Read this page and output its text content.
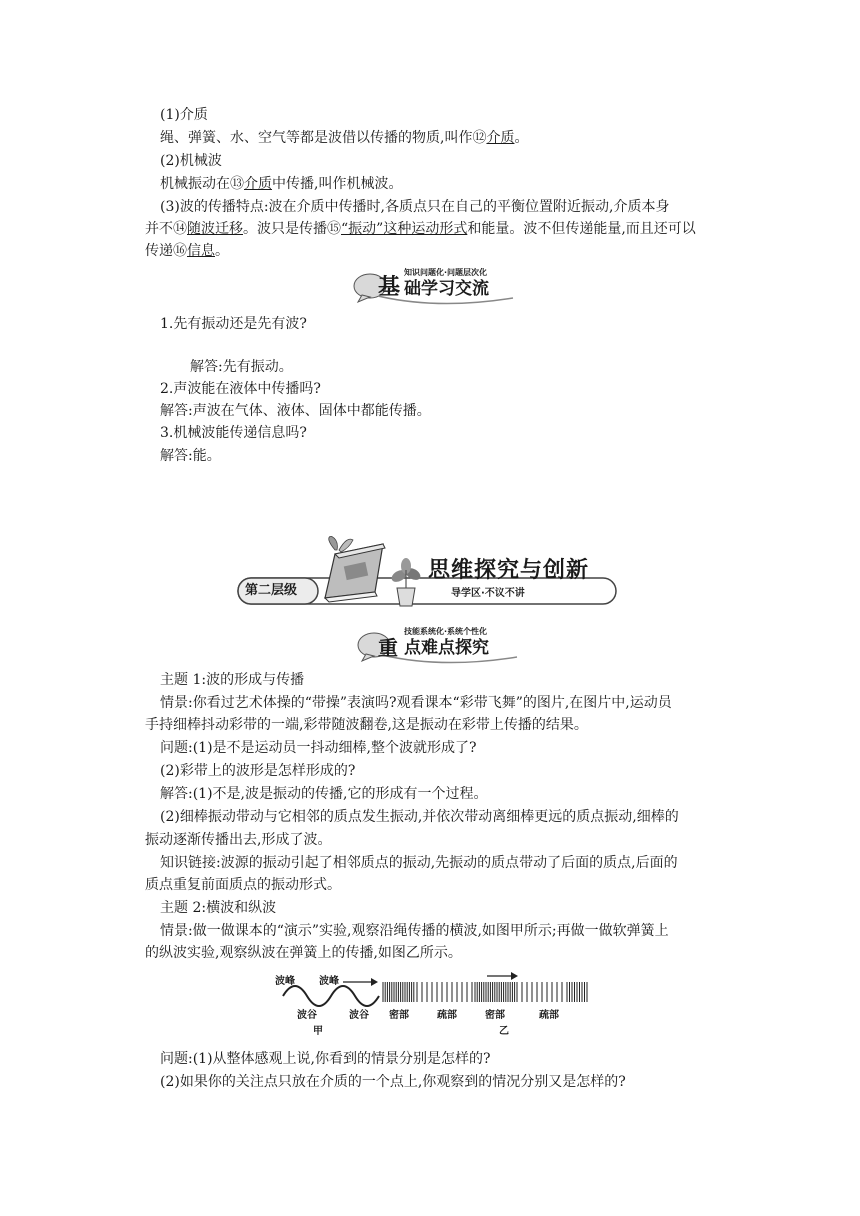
(1)介质
绳、弹簧、水、空气等都是波借以传播的物质,叫作⑫介质。
(2)机械波
机械振动在⑬介质中传播,叫作机械波。
(3)波的传播特点:波在介质中传播时,各质点只在自己的平衡位置附近振动,介质本身
并不⑭随波迁移。波只是传播⑮“振动”这种运动形式和能量。波不但传递能量,而且还可以
传递⑯信息。
知识问题化·问题层次化
基 础学习交流
1.先有振动还是先有波?
解答:先有振动。
2.声波能在液体中传播吗?
解答:声波在气体、液体、固体中都能传播。
3.机械波能传递信息吗?
解答:能。
第二层级
思维探究与创新
导学区·不议不讲
技能系统化·系统个性化
重 点难点探究
主题 1:波的形成与传播
情景:你看过艺术体操的“带操”表演吗?观看课本“彩带飞舞”的图片,在图片中,运动员
手持细棒抖动彩带的一端,彩带随波翻卷,这是振动在彩带上传播的结果。
问题:(1)是不是运动员一抖动细棒,整个波就形成了?
(2)彩带上的波形是怎样形成的?
解答:(1)不是,波是振动的传播,它的形成有一个过程。
(2)细棒振动带动与它相邻的质点发生振动,并依次带动离细棒更远的质点振动,细棒的
振动逐渐传播出去,形成了波。
知识链接:波源的振动引起了相邻质点的振动,先振动的质点带动了后面的质点,后面的
质点重复前面质点的振动形式。
主题 2:横波和纵波
情景:做一做课本的“演示”实验,观察沿绳传播的横波,如图甲所示;再做一做软弹簧上
的纵波实验,观察纵波在弹簧上的传播,如图乙所示。
波峰 波峰
波谷	波谷
甲
密部	疏部	密部	疏部
乙
问题:(1)从整体感观上说,你看到的情景分别是怎样的?
(2)如果你的关注点只放在介质的一个点上,你观察到的情况分别又是怎样的?
